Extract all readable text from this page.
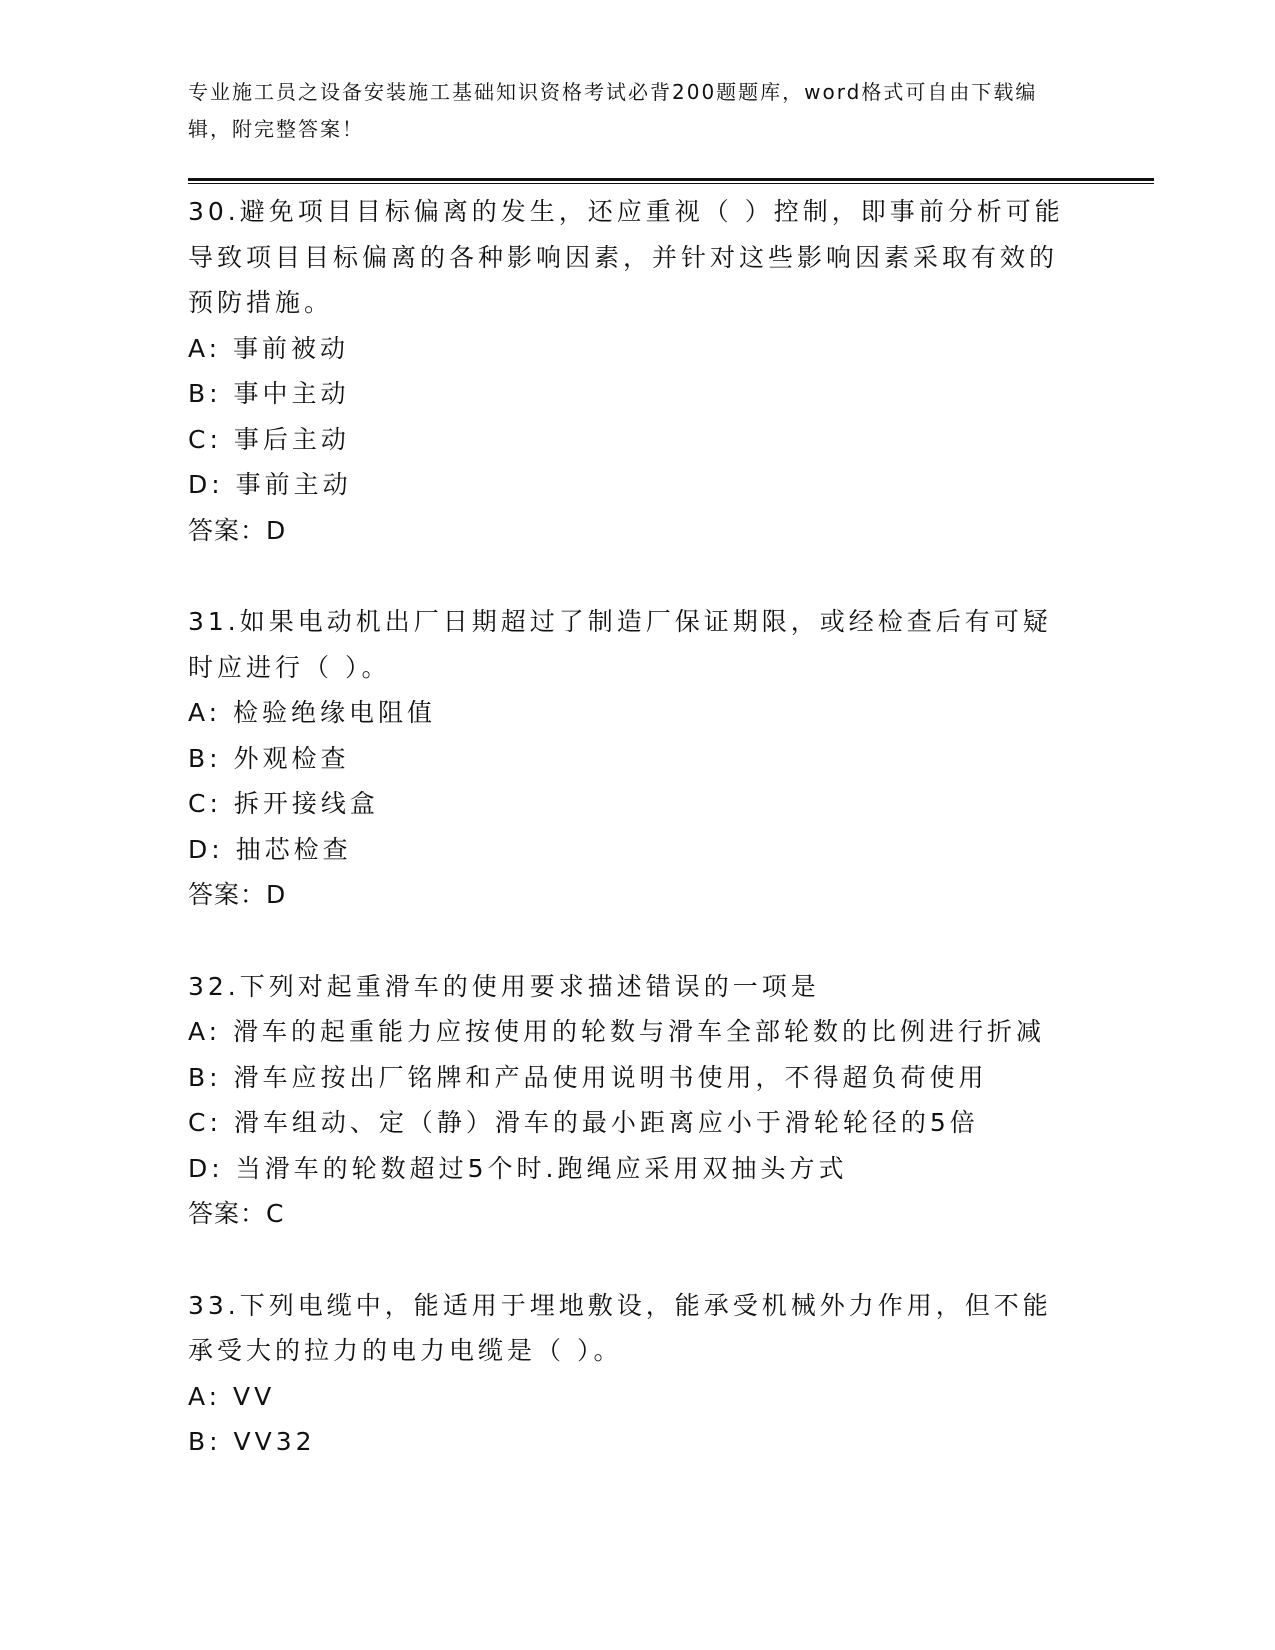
专业施工员之设备安装施工基础知识资格考试必背200题题库，word格式可自由下载编辑，附完整答案！
30.避免项目目标偏离的发生，还应重视（ ）控制，即事前分析可能导致项目目标偏离的各种影响因素，并针对这些影响因素采取有效的预防措施。
A: 事前被动
B: 事中主动
C: 事后主动
D: 事前主动
答案：D
31.如果电动机出厂日期超过了制造厂保证期限，或经检查后有可疑时应进行（ ）。
A: 检验绝缘电阻值
B: 外观检查
C: 拆开接线盒
D: 抽芯检查
答案：D
32.下列对起重滑车的使用要求描述错误的一项是
A: 滑车的起重能力应按使用的轮数与滑车全部轮数的比例进行折减
B: 滑车应按出厂铭牌和产品使用说明书使用，不得超负荷使用
C: 滑车组动、定（静）滑车的最小距离应小于滑轮轮径的5倍
D: 当滑车的轮数超过5个时.跑绳应采用双抽头方式
答案：C
33.下列电缆中，能适用于埋地敷设，能承受机械外力作用，但不能承受大的拉力的电力电缆是（ ）。
A: VV
B: VV32
